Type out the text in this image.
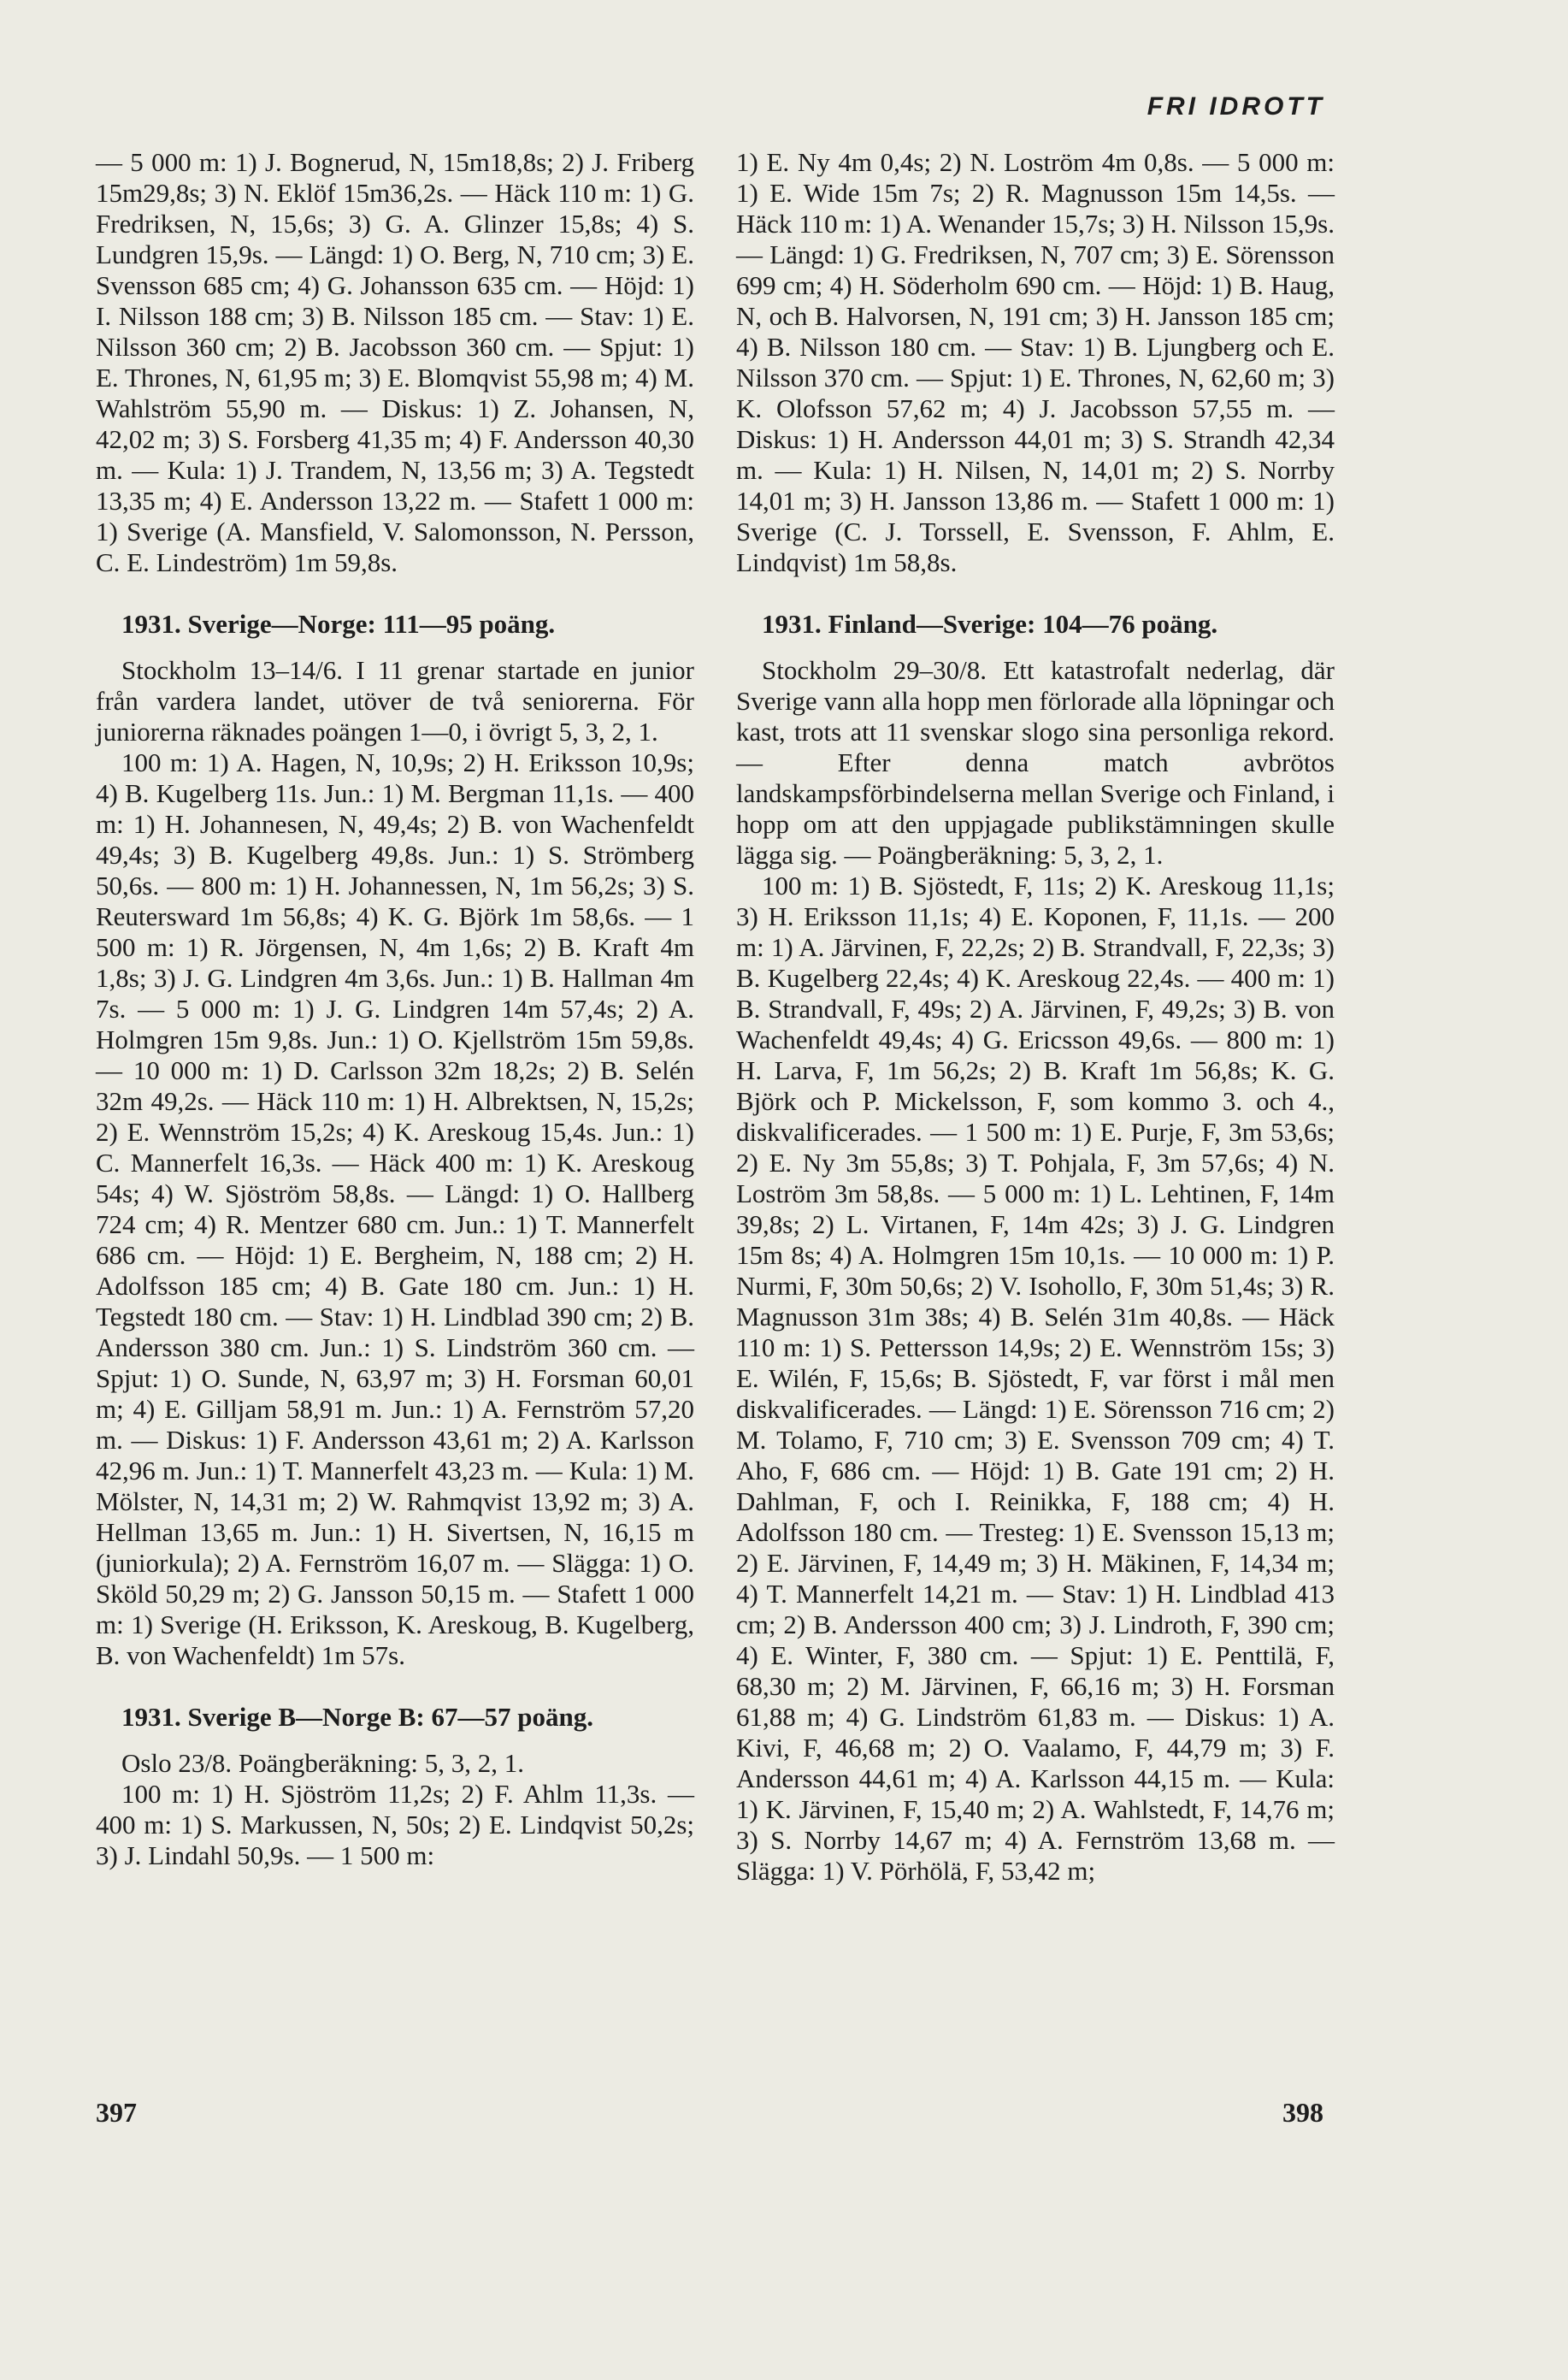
FRI IDROTT

— 5 000 m: 1) J. Bognerud, N, 15m18,8s; 2) J. Friberg 15m29,8s; 3) N. Eklöf 15m36,2s. — Häck 110 m: 1) G. Fredriksen, N, 15,6s; 3) G. A. Glinzer 15,8s; 4) S. Lundgren 15,9s. — Längd: 1) O. Berg, N, 710 cm; 3) E. Svensson 685 cm; 4) G. Johansson 635 cm. — Höjd: 1) I. Nilsson 188 cm; 3) B. Nilsson 185 cm. — Stav: 1) E. Nilsson 360 cm; 2) B. Jacobsson 360 cm. — Spjut: 1) E. Thrones, N, 61,95 m; 3) E. Blomqvist 55,98 m; 4) M. Wahlström 55,90 m. — Diskus: 1) Z. Johansen, N, 42,02 m; 3) S. Forsberg 41,35 m; 4) F. Andersson 40,30 m. — Kula: 1) J. Trandem, N, 13,56 m; 3) A. Tegstedt 13,35 m; 4) E. Andersson 13,22 m. — Stafett 1 000 m: 1) Sverige (A. Mansfield, V. Salomonsson, N. Persson, C. E. Lindeström) 1m 59,8s.

1931. Sverige—Norge: 111—95 poäng.

Stockholm 13–14/6. I 11 grenar startade en junior från vardera landet, utöver de två seniorerna. För juniorerna räknades poängen 1—0, i övrigt 5, 3, 2, 1.

100 m: 1) A. Hagen, N, 10,9s; 2) H. Eriksson 10,9s; 4) B. Kugelberg 11s. Jun.: 1) M. Bergman 11,1s. — 400 m: 1) H. Johannesen, N, 49,4s; 2) B. von Wachenfeldt 49,4s; 3) B. Kugelberg 49,8s. Jun.: 1) S. Strömberg 50,6s. — 800 m: 1) H. Johannessen, N, 1m 56,2s; 3) S. Reutersward 1m 56,8s; 4) K. G. Björk 1m 58,6s. — 1 500 m: 1) R. Jörgensen, N, 4m 1,6s; 2) B. Kraft 4m 1,8s; 3) J. G. Lindgren 4m 3,6s. Jun.: 1) B. Hallman 4m 7s. — 5 000 m: 1) J. G. Lindgren 14m 57,4s; 2) A. Holmgren 15m 9,8s. Jun.: 1) O. Kjellström 15m 59,8s. — 10 000 m: 1) D. Carlsson 32m 18,2s; 2) B. Selén 32m 49,2s. — Häck 110 m: 1) H. Albrektsen, N, 15,2s; 2) E. Wennström 15,2s; 4) K. Areskoug 15,4s. Jun.: 1) C. Mannerfelt 16,3s. — Häck 400 m: 1) K. Areskoug 54s; 4) W. Sjöström 58,8s. — Längd: 1) O. Hallberg 724 cm; 4) R. Mentzer 680 cm. Jun.: 1) T. Mannerfelt 686 cm. — Höjd: 1) E. Bergheim, N, 188 cm; 2) H. Adolfsson 185 cm; 4) B. Gate 180 cm. Jun.: 1) H. Tegstedt 180 cm. — Stav: 1) H. Lindblad 390 cm; 2) B. Andersson 380 cm. Jun.: 1) S. Lindström 360 cm. — Spjut: 1) O. Sunde, N, 63,97 m; 3) H. Forsman 60,01 m; 4) E. Gilljam 58,91 m. Jun.: 1) A. Fernström 57,20 m. — Diskus: 1) F. Andersson 43,61 m; 2) A. Karlsson 42,96 m. Jun.: 1) T. Mannerfelt 43,23 m. — Kula: 1) M. Mölster, N, 14,31 m; 2) W. Rahmqvist 13,92 m; 3) A. Hellman 13,65 m. Jun.: 1) H. Sivertsen, N, 16,15 m (juniorkula); 2) A. Fernström 16,07 m. — Slägga: 1) O. Sköld 50,29 m; 2) G. Jansson 50,15 m. — Stafett 1 000 m: 1) Sverige (H. Eriksson, K. Areskoug, B. Kugelberg, B. von Wachenfeldt) 1m 57s.

1931. Sverige B—Norge B: 67—57 poäng.

Oslo 23/8. Poängberäkning: 5, 3, 2, 1.

100 m: 1) H. Sjöström 11,2s; 2) F. Ahlm 11,3s. — 400 m: 1) S. Markussen, N, 50s; 2) E. Lindqvist 50,2s; 3) J. Lindahl 50,9s. — 1 500 m:

1) E. Ny 4m 0,4s; 2) N. Loström 4m 0,8s. — 5 000 m: 1) E. Wide 15m 7s; 2) R. Magnusson 15m 14,5s. — Häck 110 m: 1) A. Wenander 15,7s; 3) H. Nilsson 15,9s. — Längd: 1) G. Fredriksen, N, 707 cm; 3) E. Sörensson 699 cm; 4) H. Söderholm 690 cm. — Höjd: 1) B. Haug, N, och B. Halvorsen, N, 191 cm; 3) H. Jansson 185 cm; 4) B. Nilsson 180 cm. — Stav: 1) B. Ljungberg och E. Nilsson 370 cm. — Spjut: 1) E. Thrones, N, 62,60 m; 3) K. Olofsson 57,62 m; 4) J. Jacobsson 57,55 m. — Diskus: 1) H. Andersson 44,01 m; 3) S. Strandh 42,34 m. — Kula: 1) H. Nilsen, N, 14,01 m; 2) S. Norrby 14,01 m; 3) H. Jansson 13,86 m. — Stafett 1 000 m: 1) Sverige (C. J. Torssell, E. Svensson, F. Ahlm, E. Lindqvist) 1m 58,8s.

1931. Finland—Sverige: 104—76 poäng.

Stockholm 29–30/8. Ett katastrofalt nederlag, där Sverige vann alla hopp men förlorade alla löpningar och kast, trots att 11 svenskar slogo sina personliga rekord. — Efter denna match avbrötos landskampsförbindelserna mellan Sverige och Finland, i hopp om att den uppjagade publikstämningen skulle lägga sig. — Poängberäkning: 5, 3, 2, 1.

100 m: 1) B. Sjöstedt, F, 11s; 2) K. Areskoug 11,1s; 3) H. Eriksson 11,1s; 4) E. Koponen, F, 11,1s. — 200 m: 1) A. Järvinen, F, 22,2s; 2) B. Strandvall, F, 22,3s; 3) B. Kugelberg 22,4s; 4) K. Areskoug 22,4s. — 400 m: 1) B. Strandvall, F, 49s; 2) A. Järvinen, F, 49,2s; 3) B. von Wachenfeldt 49,4s; 4) G. Ericsson 49,6s. — 800 m: 1) H. Larva, F, 1m 56,2s; 2) B. Kraft 1m 56,8s; K. G. Björk och P. Mickelsson, F, som kommo 3. och 4., diskvalificerades. — 1 500 m: 1) E. Purje, F, 3m 53,6s; 2) E. Ny 3m 55,8s; 3) T. Pohjala, F, 3m 57,6s; 4) N. Loström 3m 58,8s. — 5 000 m: 1) L. Lehtinen, F, 14m 39,8s; 2) L. Virtanen, F, 14m 42s; 3) J. G. Lindgren 15m 8s; 4) A. Holmgren 15m 10,1s. — 10 000 m: 1) P. Nurmi, F, 30m 50,6s; 2) V. Isohollo, F, 30m 51,4s; 3) R. Magnusson 31m 38s; 4) B. Selén 31m 40,8s. — Häck 110 m: 1) S. Pettersson 14,9s; 2) E. Wennström 15s; 3) E. Wilén, F, 15,6s; B. Sjöstedt, F, var först i mål men diskvalificerades. — Längd: 1) E. Sörensson 716 cm; 2) M. Tolamo, F, 710 cm; 3) E. Svensson 709 cm; 4) T. Aho, F, 686 cm. — Höjd: 1) B. Gate 191 cm; 2) H. Dahlman, F, och I. Reinikka, F, 188 cm; 4) H. Adolfsson 180 cm. — Tresteg: 1) E. Svensson 15,13 m; 2) E. Järvinen, F, 14,49 m; 3) H. Mäkinen, F, 14,34 m; 4) T. Mannerfelt 14,21 m. — Stav: 1) H. Lindblad 413 cm; 2) B. Andersson 400 cm; 3) J. Lindroth, F, 390 cm; 4) E. Winter, F, 380 cm. — Spjut: 1) E. Penttilä, F, 68,30 m; 2) M. Järvinen, F, 66,16 m; 3) H. Forsman 61,88 m; 4) G. Lindström 61,83 m. — Diskus: 1) A. Kivi, F, 46,68 m; 2) O. Vaalamo, F, 44,79 m; 3) F. Andersson 44,61 m; 4) A. Karlsson 44,15 m. — Kula: 1) K. Järvinen, F, 15,40 m; 2) A. Wahlstedt, F, 14,76 m; 3) S. Norrby 14,67 m; 4) A. Fernström 13,68 m. — Slägga: 1) V. Pörhölä, F, 53,42 m;

397	398
